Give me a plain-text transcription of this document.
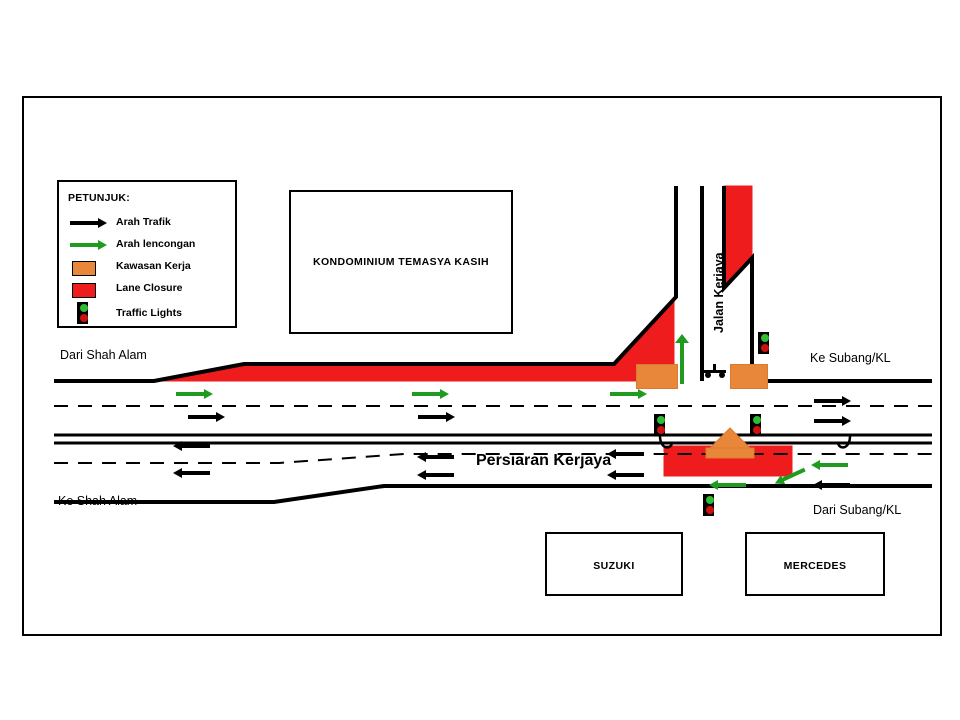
PETUNJUK:
Arah Trafik
Arah lencongan
Kawasan Kerja
Lane Closure
Traffic Lights
KONDOMINIUM TEMASYA KASIH
SUZUKI	MERCEDES
Dari Shah Alam	Ke Subang/KL
Ke Shah Alam
Dari Subang/KL
Persiaran Kerjaya
Jalan Kerjaya
